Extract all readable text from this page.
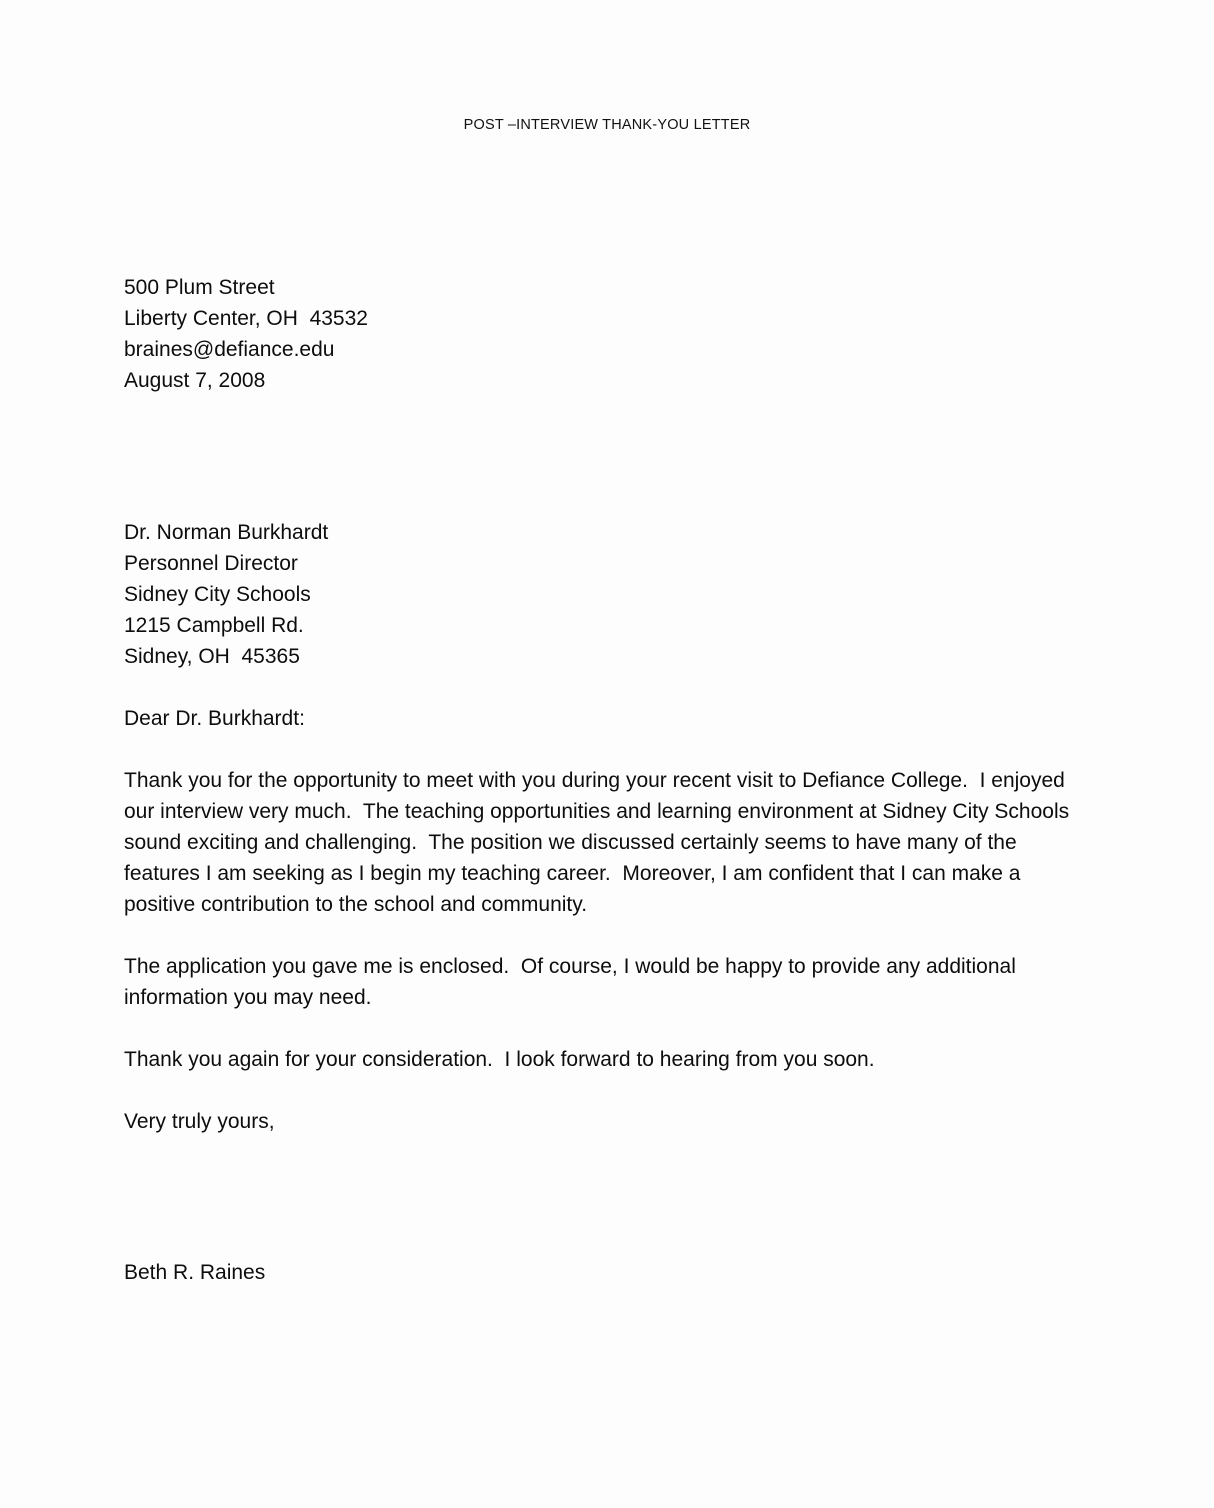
POST –INTERVIEW THANK-YOU LETTER
500 Plum Street
Liberty Center, OH  43532
braines@defiance.edu
August 7, 2008
Dr. Norman Burkhardt
Personnel Director
Sidney City Schools
1215 Campbell Rd.
Sidney, OH  45365
Dear Dr. Burkhardt:
Thank you for the opportunity to meet with you during your recent visit to Defiance College.  I enjoyed our interview very much.  The teaching opportunities and learning environment at Sidney City Schools sound exciting and challenging.  The position we discussed certainly seems to have many of the features I am seeking as I begin my teaching career.  Moreover, I am confident that I can make a positive contribution to the school and community.
The application you gave me is enclosed.  Of course, I would be happy to provide any additional information you may need.
Thank you again for your consideration.  I look forward to hearing from you soon.
Very truly yours,
Beth R. Raines
